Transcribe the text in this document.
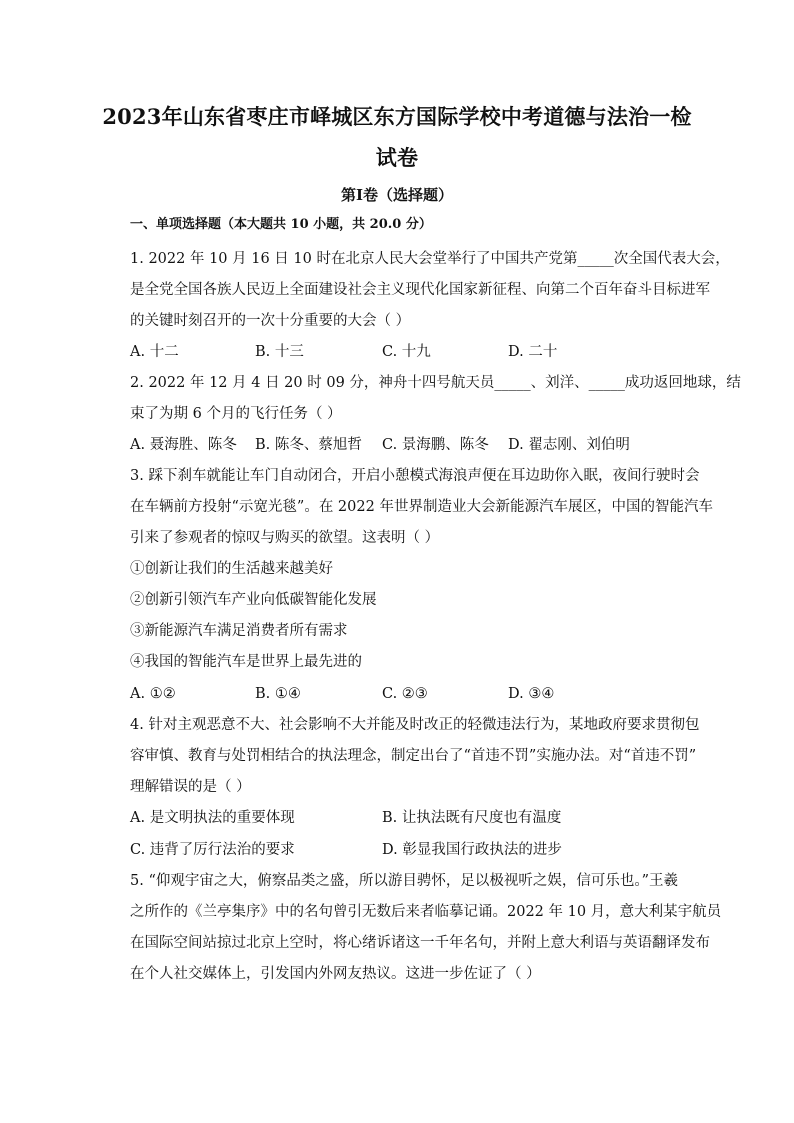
2023年山东省枣庄市峄城区东方国际学校中考道德与法治一检
试卷
第Ⅰ卷（选择题）
一、单项选择题（本大题共 10 小题，共 20.0 分）
1. 2022 年 10 月 16 日 10 时在北京人民大会堂举行了中国共产党第_____次全国代表大会，
是全党全国各族人民迈上全面建设社会主义现代化国家新征程、向第二个百年奋斗目标进军
的关键时刻召开的一次十分重要的大会（ ）
A. 十二	B. 十三	C. 十九	D. 二十
2. 2022 年 12 月 4 日 20 时 09 分，神舟十四号航天员_____、刘洋、_____成功返回地球，结
束了为期 6 个月的飞行任务（ ）
A. 聂海胜、陈冬 B. 陈冬、蔡旭哲 C. 景海鹏、陈冬 D. 翟志刚、刘伯明
3. 踩下刹车就能让车门自动闭合，开启小憩模式海浪声便在耳边助你入眠，夜间行驶时会
在车辆前方投射“示宽光毯”。在 2022 年世界制造业大会新能源汽车展区，中国的智能汽车
引来了参观者的惊叹与购买的欲望。这表明（ ）
①创新让我们的生活越来越美好
②创新引领汽车产业向低碳智能化发展
③新能源汽车满足消费者所有需求
④我国的智能汽车是世界上最先进的
A. ①②	B. ①④	C. ②③	D. ③④
4. 针对主观恶意不大、社会影响不大并能及时改正的轻微违法行为，某地政府要求贯彻包
容审慎、教育与处罚相结合的执法理念，制定出台了“首违不罚”实施办法。对“首违不罚”
理解错误的是（ ）
A. 是文明执法的重要体现	B. 让执法既有尺度也有温度
C. 违背了厉行法治的要求	D. 彰显我国行政执法的进步
5. “仰观宇宙之大，俯察品类之盛，所以游目骋怀，足以极视听之娱，信可乐也。”王羲
之所作的《兰亭集序》中的名句曾引无数后来者临摹记诵。2022 年 10 月，意大利某宇航员
在国际空间站掠过北京上空时，将心绪诉诸这一千年名句，并附上意大利语与英语翻译发布
在个人社交媒体上，引发国内外网友热议。这进一步佐证了（ ）
